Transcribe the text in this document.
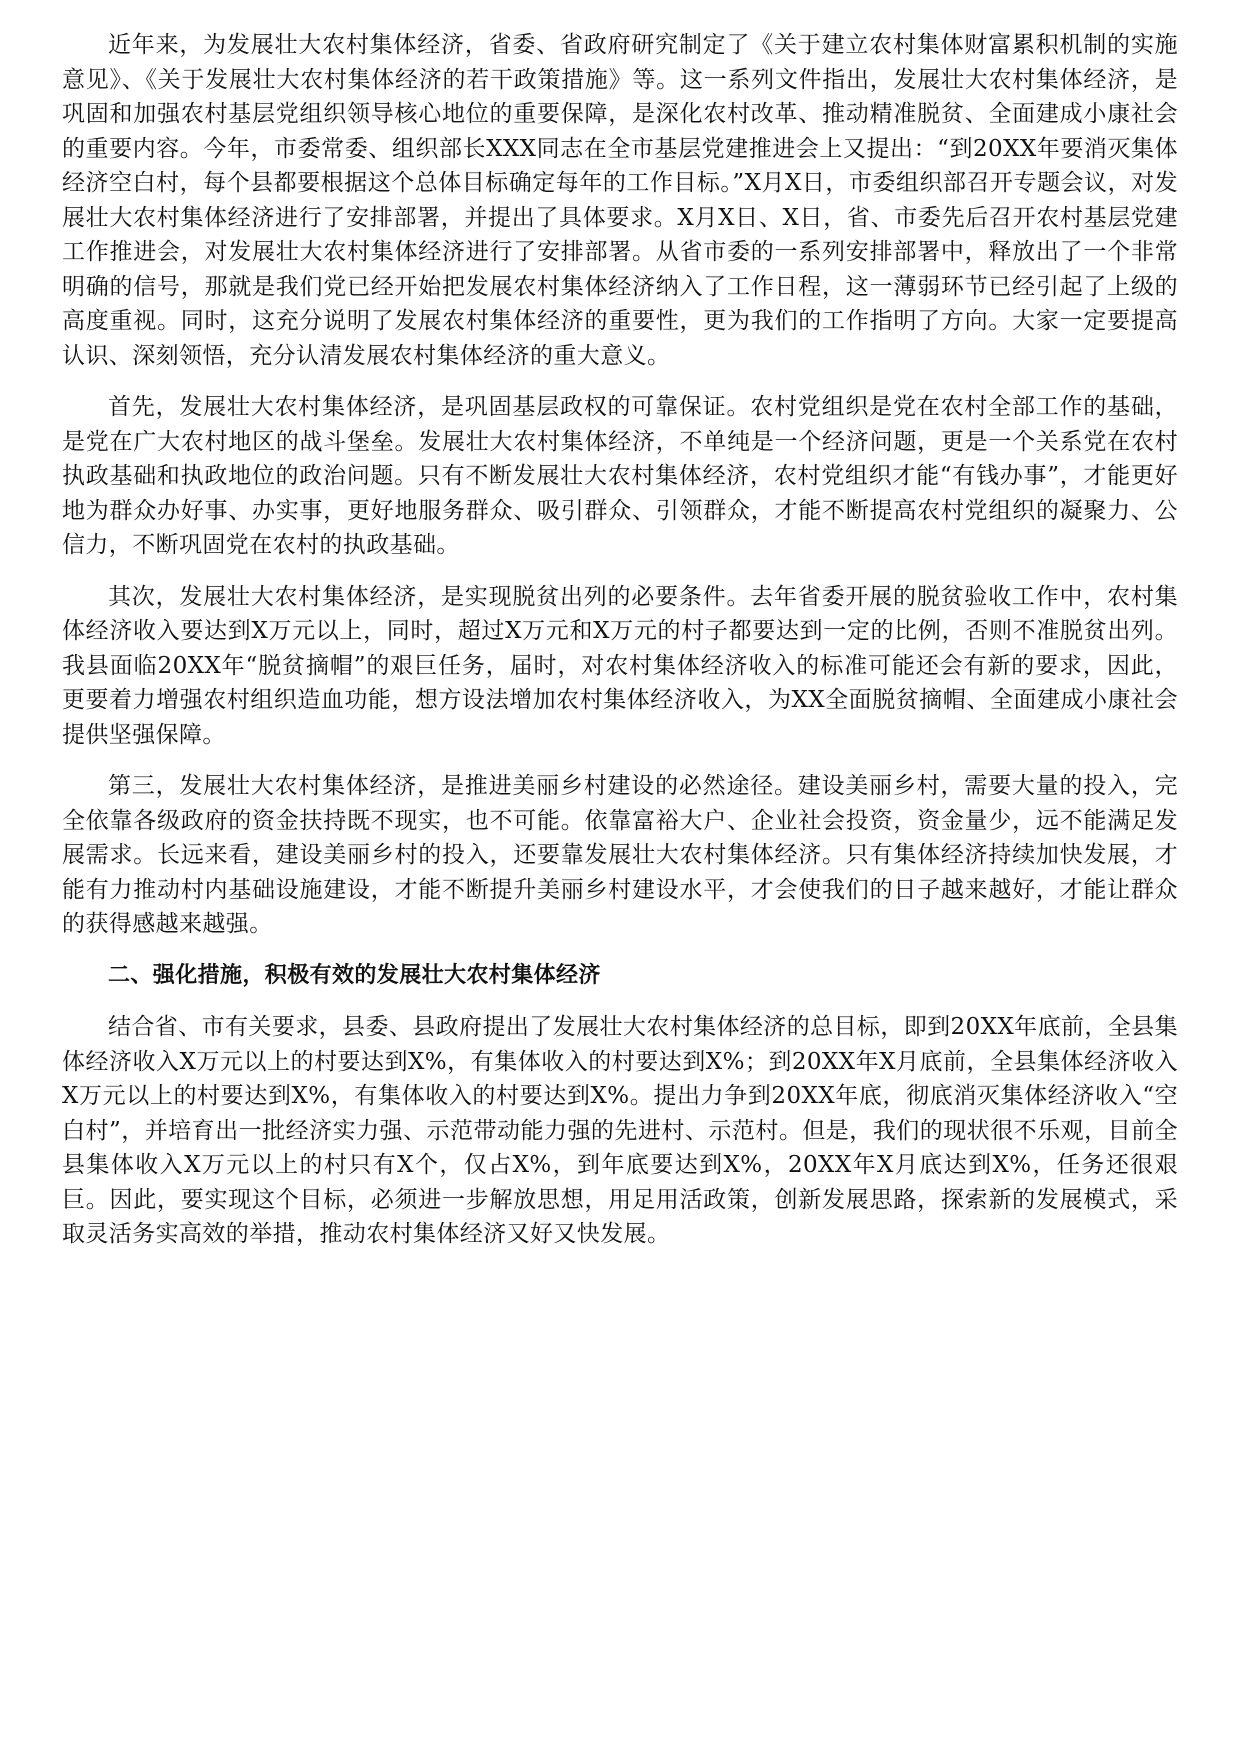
近年来，为发展壮大农村集体经济，省委、省政府研究制定了《关于建立农村集体财富累积机制的实施意见》、《关于发展壮大农村集体经济的若干政策措施》等。这一系列文件指出，发展壮大农村集体经济，是巩固和加强农村基层党组织领导核心地位的重要保障，是深化农村改革、推动精准脱贫、全面建成小康社会的重要内容。今年，市委常委、组织部长XXX同志在全市基层党建推进会上又提出：“到20XX年要消灭集体经济空白村，每个县都要根据这个总体目标确定每年的工作目标。”X月X日，市委组织部召开专题会议，对发展壮大农村集体经济进行了安排部署，并提出了具体要求。X月X日、X日，省、市委先后召开农村基层党建工作推进会，对发展壮大农村集体经济进行了安排部署。从省市委的一系列安排部署中，释放出了一个非常明确的信号，那就是我们党已经开始把发展农村集体经济纳入了工作日程，这一薄弱环节已经引起了上级的高度重视。同时，这充分说明了发展农村集体经济的重要性，更为我们的工作指明了方向。大家一定要提高认识、深刻领悟，充分认清发展农村集体经济的重大意义。

首先，发展壮大农村集体经济，是巩固基层政权的可靠保证。农村党组织是党在农村全部工作的基础，是党在广大农村地区的战斗堡垒。发展壮大农村集体经济，不单纯是一个经济问题，更是一个关系党在农村执政基础和执政地位的政治问题。只有不断发展壮大农村集体经济，农村党组织才能“有钱办事”，才能更好地为群众办好事、办实事，更好地服务群众、吸引群众、引领群众，才能不断提高农村党组织的凝聚力、公信力，不断巩固党在农村的执政基础。

其次，发展壮大农村集体经济，是实现脱贫出列的必要条件。去年省委开展的脱贫验收工作中，农村集体经济收入要达到X万元以上，同时，超过X万元和X万元的村子都要达到一定的比例，否则不准脱贫出列。我县面临20XX年“脱贫摘帽”的艰巨任务，届时，对农村集体经济收入的标准可能还会有新的要求，因此，更要着力增强农村组织造血功能，想方设法增加农村集体经济收入，为XX全面脱贫摘帽、全面建成小康社会提供坚强保障。

第三，发展壮大农村集体经济，是推进美丽乡村建设的必然途径。建设美丽乡村，需要大量的投入，完全依靠各级政府的资金扶持既不现实，也不可能。依靠富裕大户、企业社会投资，资金量少，远不能满足发展需求。长远来看，建设美丽乡村的投入，还要靠发展壮大农村集体经济。只有集体经济持续加快发展，才能有力推动村内基础设施建设，才能不断提升美丽乡村建设水平，才会使我们的日子越来越好，才能让群众的获得感越来越强。

二、强化措施，积极有效的发展壮大农村集体经济

结合省、市有关要求，县委、县政府提出了发展壮大农村集体经济的总目标，即到20XX年底前，全县集体经济收入X万元以上的村要达到X%，有集体收入的村要达到X%；到20XX年X月底前，全县集体经济收入X万元以上的村要达到X%，有集体收入的村要达到X%。提出力争到20XX年底，彻底消灭集体经济收入“空白村”，并培育出一批经济实力强、示范带动能力强的先进村、示范村。但是，我们的现状很不乐观，目前全县集体收入X万元以上的村只有X个，仅占X%，到年底要达到X%，20XX年X月底达到X%，任务还很艰巨。因此，要实现这个目标，必须进一步解放思想，用足用活政策，创新发展思路，探索新的发展模式，采取灵活务实高效的举措，推动农村集体经济又好又快发展。
